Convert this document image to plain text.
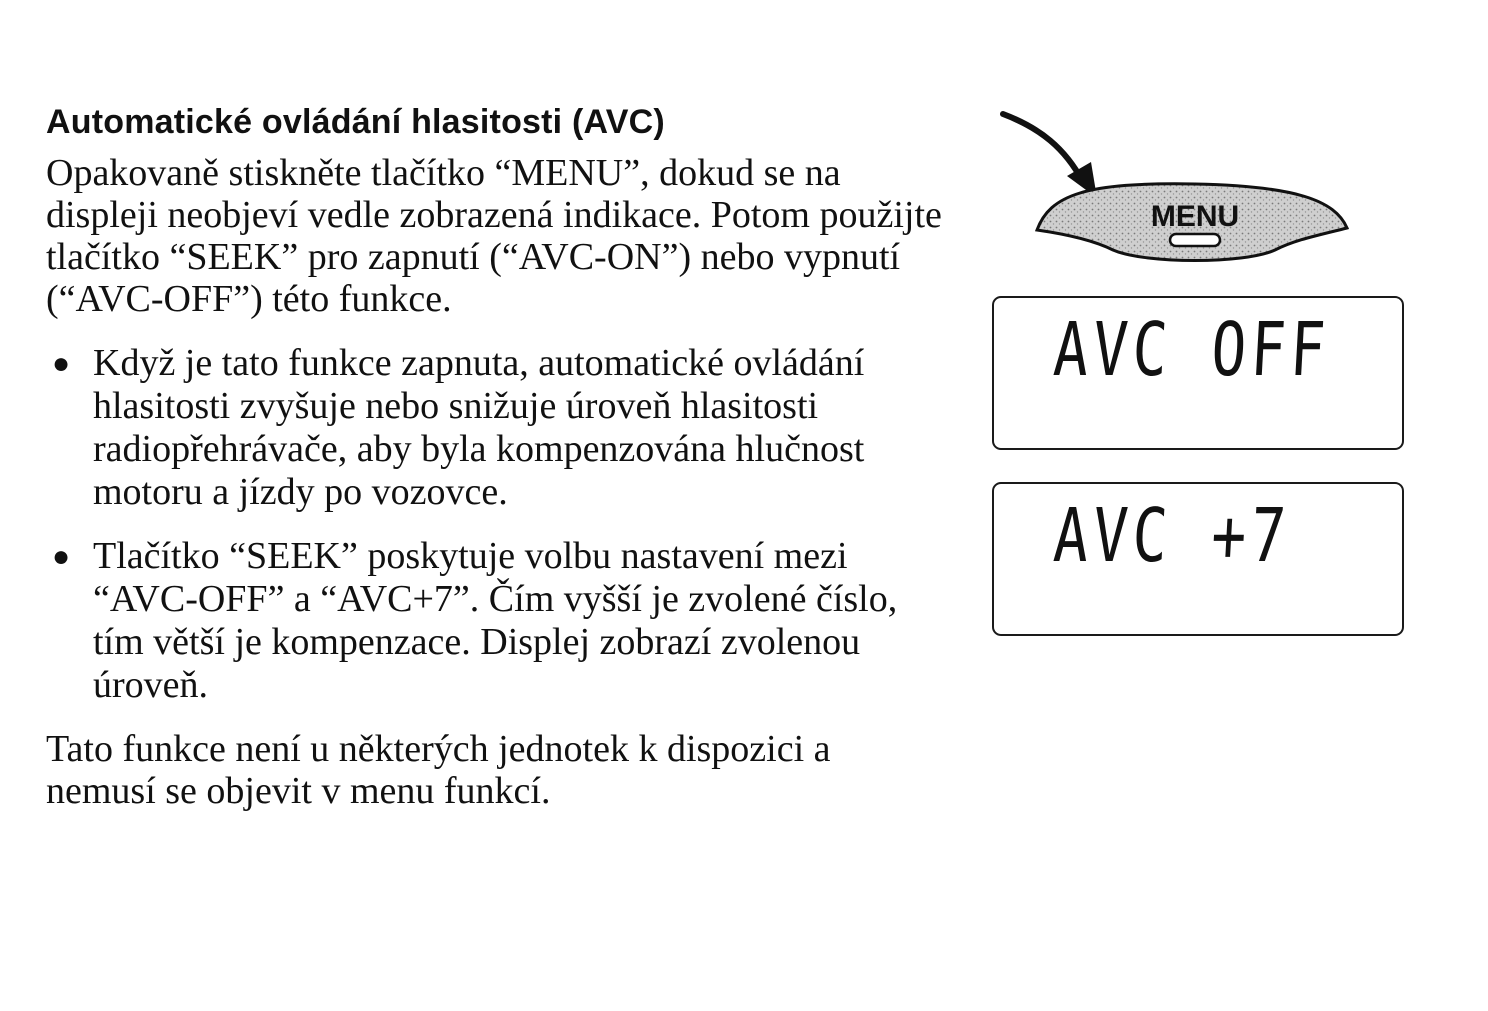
Automatické ovládání hlasitosti (AVC)

Opakovaně stiskněte tlačítko “MENU”, dokud se na displeji neobjeví vedle zobrazená indikace. Potom použijte tlačítko “SEEK” pro zapnutí (“AVC-ON”) nebo vypnutí (“AVC-OFF”) této funkce.

● Když je tato funkce zapnuta, automatické ovládání hlasitosti zvyšuje nebo snižuje úroveň hlasitosti radiopřehrávače, aby byla kompenzována hlučnost motoru a jízdy po vozovce.
● Tlačítko “SEEK” poskytuje volbu nastavení mezi “AVC-OFF” a “AVC+7”. Čím vyšší je zvolené číslo, tím větší je kompenzace. Displej zobrazí zvolenou úroveň.

Tato funkce není u některých jednotek k dispozici a nemusí se objevit v menu funkcí.

MENU
AVC OFF
AVC +7
